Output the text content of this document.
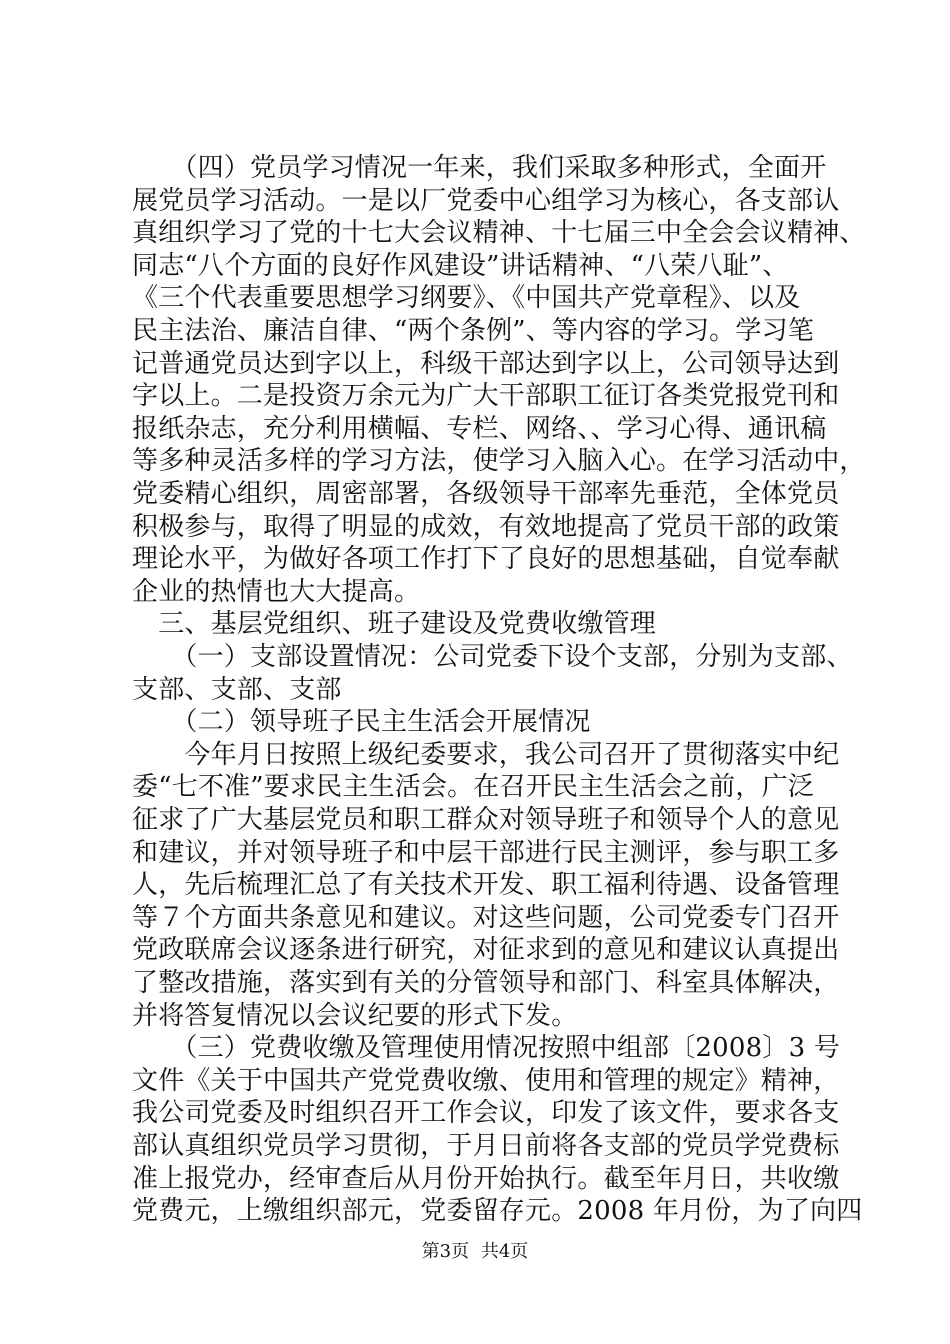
　　（四）党员学习情况一年来，我们采取多种形式，全面开
展党员学习活动。一是以厂党委中心组学习为核心，各支部认
真组织学习了党的十七大会议精神、十七届三中全会会议精神、
同志“八个方面的良好作风建设”讲话精神、“八荣八耻”、
《三个代表重要思想学习纲要》、《中国共产党章程》、以及
民主法治、廉洁自律、“两个条例”、等内容的学习。学习笔
记普通党员达到字以上，科级干部达到字以上，公司领导达到
字以上。二是投资万余元为广大干部职工征订各类党报党刊和
报纸杂志，充分利用横幅、专栏、网络、、学习心得、通讯稿
等多种灵活多样的学习方法，使学习入脑入心。在学习活动中，
党委精心组织，周密部署，各级领导干部率先垂范，全体党员
积极参与，取得了明显的成效，有效地提高了党员干部的政策
理论水平，为做好各项工作打下了良好的思想基础，自觉奉献
企业的热情也大大提高。
　三、基层党组织、班子建设及党费收缴管理
　　（一）支部设置情况：公司党委下设个支部，分别为支部、
支部、支部、支部
　　（二）领导班子民主生活会开展情况
　　今年月日按照上级纪委要求，我公司召开了贯彻落实中纪
委“七不准”要求民主生活会。在召开民主生活会之前，广泛
征求了广大基层党员和职工群众对领导班子和领导个人的意见
和建议，并对领导班子和中层干部进行民主测评，参与职工多
人，先后梳理汇总了有关技术开发、职工福利待遇、设备管理
等７个方面共条意见和建议。对这些问题，公司党委专门召开
党政联席会议逐条进行研究，对征求到的意见和建议认真提出
了整改措施，落实到有关的分管领导和部门、科室具体解决，
并将答复情况以会议纪要的形式下发。
　　（三）党费收缴及管理使用情况按照中组部〔2008〕3 号
文件《关于中国共产党党费收缴、使用和管理的规定》精神，
我公司党委及时组织召开工作会议，印发了该文件，要求各支
部认真组织党员学习贯彻，于月日前将各支部的党员学党费标
准上报党办，经审查后从月份开始执行。截至年月日，共收缴
党费元，上缴组织部元，党委留存元。2008 年月份，为了向四
第3页 共4页
